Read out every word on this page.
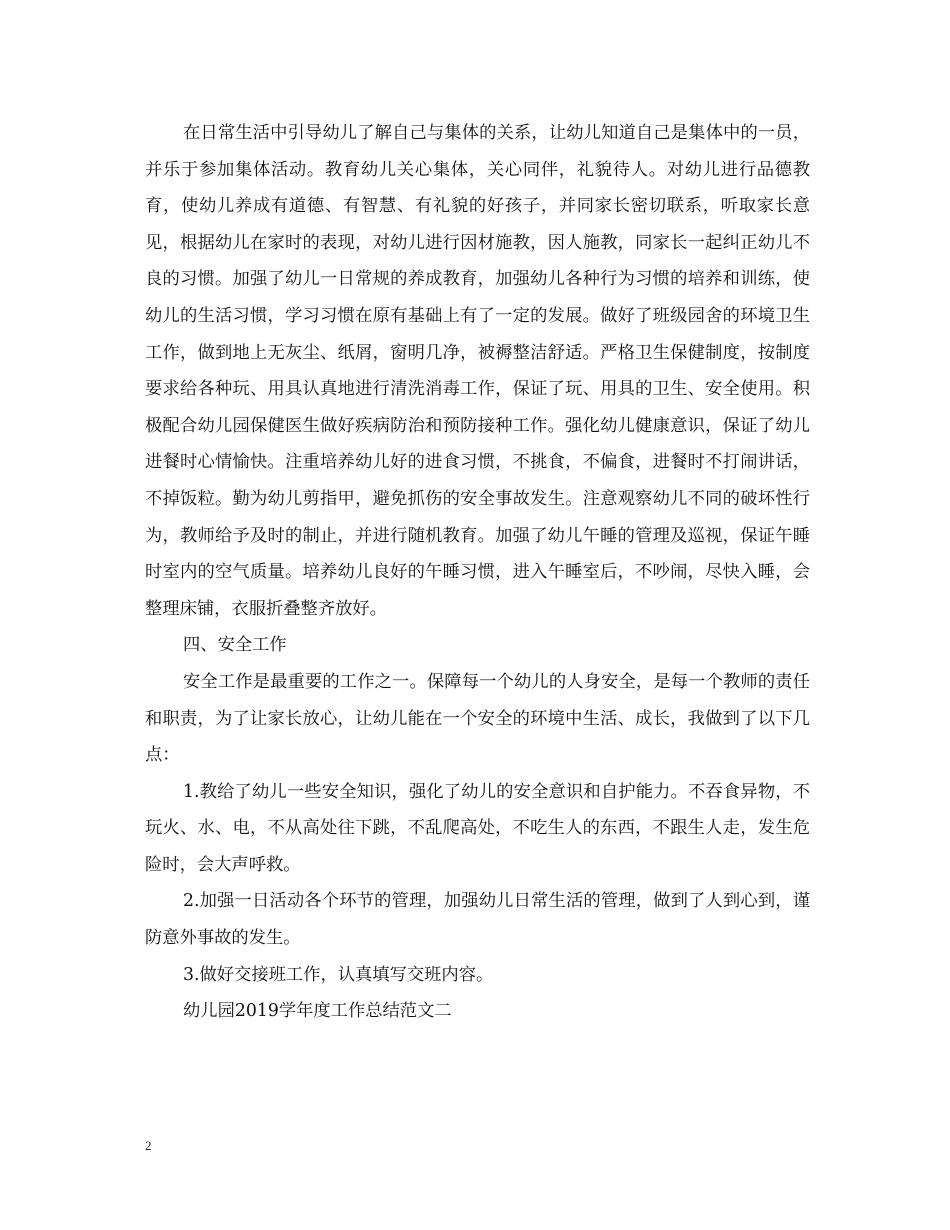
在日常生活中引导幼儿了解自己与集体的关系，让幼儿知道自己是集体中的一员，并乐于参加集体活动。教育幼儿关心集体，关心同伴，礼貌待人。对幼儿进行品德教育，使幼儿养成有道德、有智慧、有礼貌的好孩子，并同家长密切联系，听取家长意见，根据幼儿在家时的表现，对幼儿进行因材施教，因人施教，同家长一起纠正幼儿不良的习惯。加强了幼儿一日常规的养成教育，加强幼儿各种行为习惯的培养和训练，使幼儿的生活习惯，学习习惯在原有基础上有了一定的发展。做好了班级园舍的环境卫生工作，做到地上无灰尘、纸屑，窗明几净，被褥整洁舒适。严格卫生保健制度，按制度要求给各种玩、用具认真地进行清洗消毒工作，保证了玩、用具的卫生、安全使用。积极配合幼儿园保健医生做好疾病防治和预防接种工作。强化幼儿健康意识，保证了幼儿进餐时心情愉快。注重培养幼儿好的进食习惯，不挑食，不偏食，进餐时不打闹讲话，不掉饭粒。勤为幼儿剪指甲，避免抓伤的安全事故发生。注意观察幼儿不同的破坏性行为，教师给予及时的制止，并进行随机教育。加强了幼儿午睡的管理及巡视，保证午睡时室内的空气质量。培养幼儿良好的午睡习惯，进入午睡室后，不吵闹，尽快入睡，会整理床铺，衣服折叠整齐放好。

四、安全工作

安全工作是最重要的工作之一。保障每一个幼儿的人身安全，是每一个教师的责任和职责，为了让家长放心，让幼儿能在一个安全的环境中生活、成长，我做到了以下几点：

1.教给了幼儿一些安全知识，强化了幼儿的安全意识和自护能力。不吞食异物，不玩火、水、电，不从高处往下跳，不乱爬高处，不吃生人的东西，不跟生人走，发生危险时，会大声呼救。

2.加强一日活动各个环节的管理，加强幼儿日常生活的管理，做到了人到心到，谨防意外事故的发生。

3.做好交接班工作，认真填写交班内容。

幼儿园2019学年度工作总结范文二

2
